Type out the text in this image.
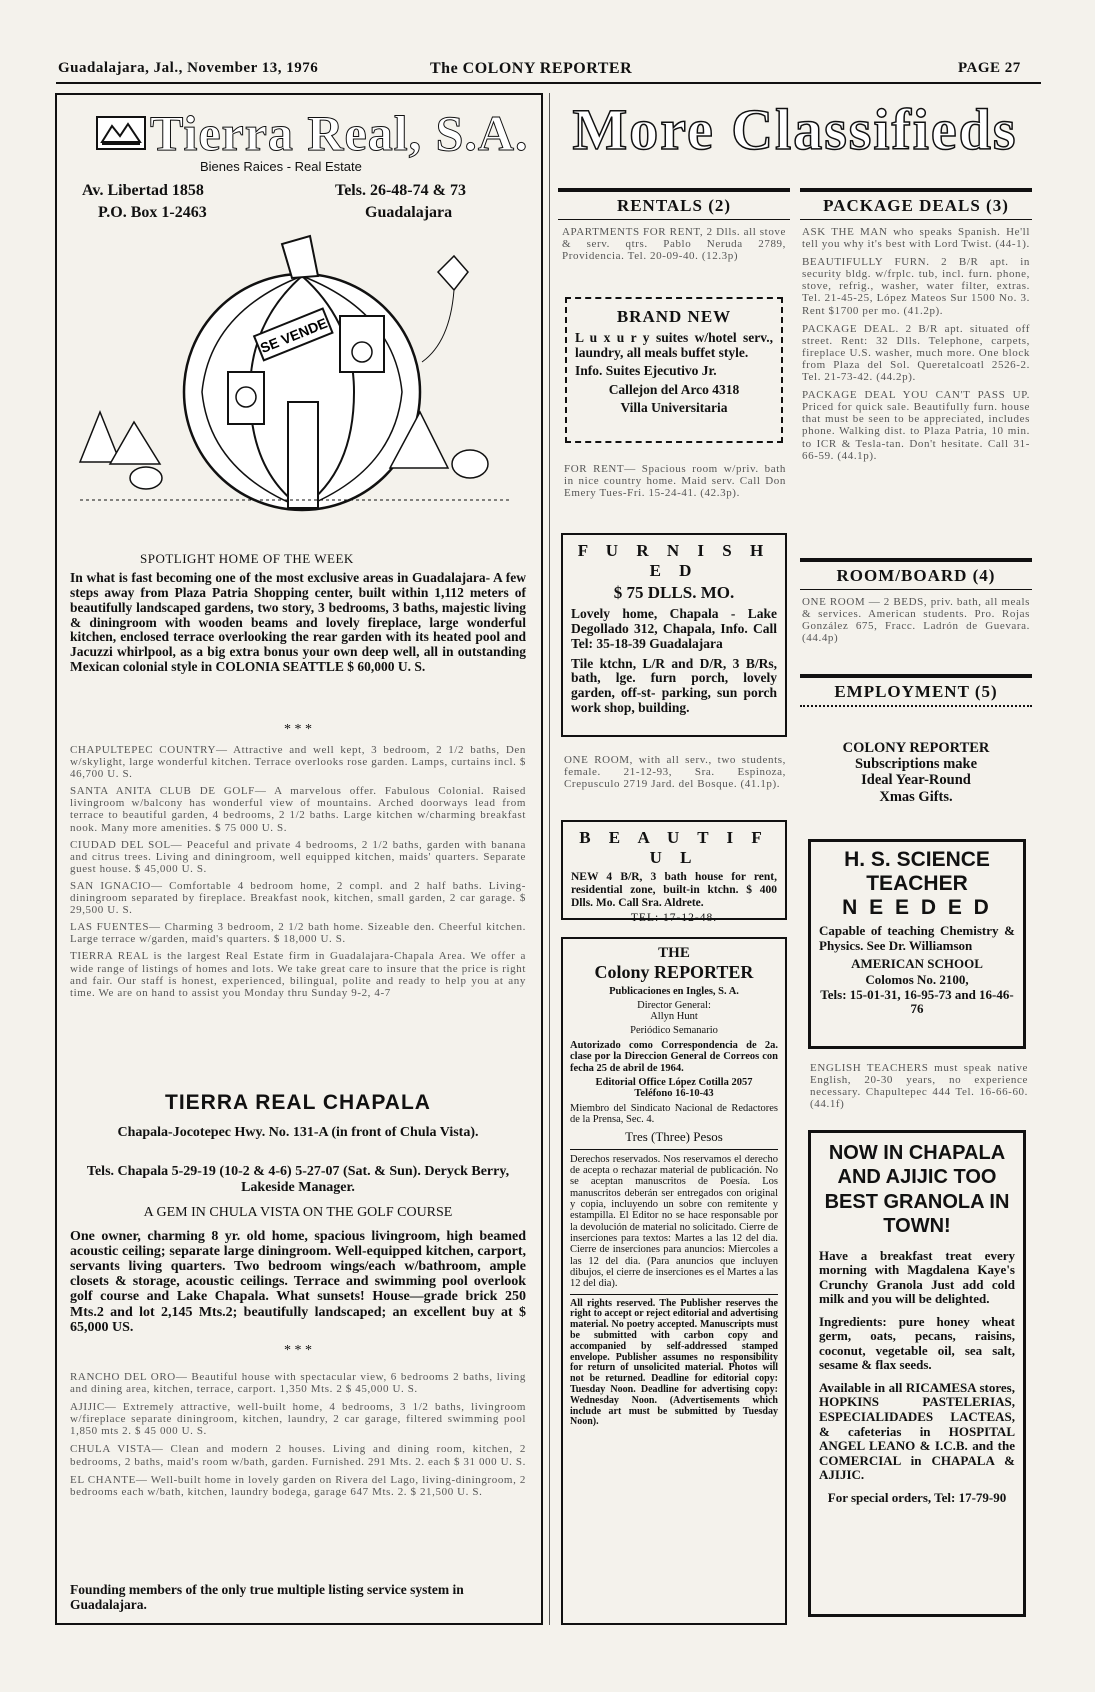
Guadalajara, Jal., November 13, 1976	The COLONY REPORTER	PAGE 27
Tierra Real, S.A.
Bienes Raices - Real Estate
Av. Libertad 1858
P.O. Box 1-2463
Tels. 26-48-74 & 73
Guadalajara
SE VENDE
SPOTLIGHT HOME OF THE WEEK
In what is fast becoming one of the most exclusive areas in Guadalajara- A few steps away from Plaza Patria Shopping center, built within 1,112 meters of beautifully landscaped gardens, two story, 3 bedrooms, 3 baths, majestic living & diningroom with wooden beams and lovely fireplace, large wonderful kitchen, enclosed terrace overlooking the rear garden with its heated pool and Jacuzzi whirlpool, as a big extra bonus your own deep well, all in outstanding Mexican colonial style in COLONIA SEATTLE $ 60,000 U. S.
* * *

CHAPULTEPEC COUNTRY— Attractive and well kept, 3 bedroom, 2 1/2 baths, Den w/skylight, large wonderful kitchen. Terrace overlooks rose garden. Lamps, curtains incl. $ 46,700 U. S.

SANTA ANITA CLUB DE GOLF— A marvelous offer. Fabulous Colonial. Raised livingroom w/balcony has wonderful view of mountains. Arched doorways lead from terrace to beautiful garden, 4 bedrooms, 2 1/2 baths. Large kitchen w/charming breakfast nook. Many more amenities. $ 75 000 U. S.

CIUDAD DEL SOL— Peaceful and private 4 bedrooms, 2 1/2 baths, garden with banana and citrus trees. Living and diningroom, well equipped kitchen, maids' quarters. Separate guest house. $ 45,000 U. S.

SAN IGNACIO— Comfortable 4 bedroom home, 2 compl. and 2 half baths. Living-diningroom separated by fireplace. Breakfast nook, kitchen, small garden, 2 car garage. $ 29,500 U. S.

LAS FUENTES— Charming 3 bedroom, 2 1/2 bath home. Sizeable den. Cheerful kitchen. Large terrace w/garden, maid's quarters. $ 18,000 U. S.

TIERRA REAL is the largest Real Estate firm in Guadalajara-Chapala Area. We offer a wide range of listings of homes and lots. We take great care to insure that the price is right and fair. Our staff is honest, experienced, bilingual, polite and ready to help you at any time. We are on hand to assist you Monday thru Sunday 9-2, 4-7

TIERRA REAL CHAPALA
Chapala-Jocotepec Hwy. No. 131-A (in front of Chula Vista).
Tels. Chapala 5-29-19 (10-2 & 4-6) 5-27-07 (Sat. & Sun). Deryck Berry, Lakeside Manager.
A GEM IN CHULA VISTA ON THE GOLF COURSE
One owner, charming 8 yr. old home, spacious livingroom, high beamed acoustic ceiling; separate large diningroom. Well-equipped kitchen, carport, servants living quarters. Two bedroom wings/each w/bathroom, ample closets & storage, acoustic ceilings. Terrace and swimming pool overlook golf course and Lake Chapala. What sunsets! House—grade brick 250 Mts.2 and lot 2,145 Mts.2; beautifully landscaped; an excellent buy at $ 65,000 US.
* * *

RANCHO DEL ORO— Beautiful house with spectacular view, 6 bedrooms 2 baths, living and dining area, kitchen, terrace, carport. 1,350 Mts. 2 $ 45,000 U. S.

AJIJIC— Extremely attractive, well-built home, 4 bedrooms, 3 1/2 baths, livingroom w/fireplace separate diningroom, kitchen, laundry, 2 car garage, filtered swimming pool 1,850 mts 2. $ 45 000 U. S.

CHULA VISTA— Clean and modern 2 houses. Living and dining room, kitchen, 2 bedrooms, 2 baths, maid's room w/bath, garden. Furnished. 291 Mts. 2. each $ 31 000 U. S.

EL CHANTE— Well-built home in lovely garden on Rivera del Lago, living-diningroom, 2 bedrooms each w/bath, kitchen, laundry bodega, garage 647 Mts. 2. $ 21,500 U. S.

Founding members of the only true multiple listing service system in Guadalajara.
More Classifieds
RENTALS (2)

APARTMENTS FOR RENT, 2 Dlls. all stove & serv. qtrs. Pablo Neruda 2789, Providencia. Tel. 20-09-40. (12.3p)

BRAND NEW

L u x u r y suites w/hotel serv., laundry, all meals buffet style.

Info. Suites Ejecutivo Jr.

Callejon del Arco 4318

Villa Universitaria

FOR RENT— Spacious room w/priv. bath in nice country home. Maid serv. Call Don Emery Tues-Fri. 15-24-41. (42.3p).

F U R N I S H E D
$ 75 DLLS. MO.

Lovely home, Chapala - Lake Degollado 312, Chapala, Info. Call Tel: 35-18-39 Guadalajara

Tile ktchn, L/R and D/R, 3 B/Rs, bath, lge. furn porch, lovely garden, off-st- parking, sun porch work shop, building.

ONE ROOM, with all serv., two students, female. 21-12-93, Sra. Espinoza, Crepusculo 2719 Jard. del Bosque. (41.1p).

B E A U T I F U L

NEW 4 B/R, 3 bath house for rent, residential zone, built-in ktchn. $ 400 Dlls. Mo. Call Sra. Aldrete.

TEL: 17-12-48.

THE
Colony REPORTER

Publicaciones en Ingles, S. A.

Director General:

Allyn Hunt

Periódico Semanario

Autorizado como Correspondencia de 2a. clase por la Direccion General de Correos con fecha 25 de abril de 1964.

Editorial Office López Cotilla 2057

Teléfono 16-10-43

Miembro del Sindicato Nacional de Redactores de la Prensa, Sec. 4.

Tres (Three) Pesos

Derechos reservados. Nos reservamos el derecho de acepta o rechazar material de publicación. No se aceptan manuscritos de Poesía. Los manuscritos deberán ser entregados con original y copia, incluyendo un sobre con remitente y estampilla. El Editor no se hace responsable por la devolución de material no solicitado. Cierre de inserciones para textos: Martes a las 12 del dia. Cierre de inserciones para anuncios: Miercoles a las 12 del dia. (Para anuncios que incluyen dibujos, el cierre de inserciones es el Martes a las 12 del dia).

All rights reserved. The Publisher reserves the right to accept or reject editorial and advertising material. No poetry accepted. Manuscripts must be submitted with carbon copy and accompanied by self-addressed stamped envelope. Publisher assumes no responsibility for return of unsolicited material. Photos will not be returned. Deadline for editorial copy: Tuesday Noon. Deadline for advertising copy: Wednesday Noon. (Advertisements which include art must be submitted by Tuesday Noon).

PACKAGE DEALS (3)

ASK THE MAN who speaks Spanish. He'll tell you why it's best with Lord Twist. (44-1).

BEAUTIFULLY FURN. 2 B/R apt. in security bldg. w/frplc. tub, incl. furn. phone, stove, refrig., washer, water filter, extras. Tel. 21-45-25, López Mateos Sur 1500 No. 3. Rent $1700 per mo. (41.2p).

PACKAGE DEAL. 2 B/R apt. situated off street. Rent: 32 Dlls. Telephone, carpets, fireplace U.S. washer, much more. One block from Plaza del Sol. Queretalcoatl 2526-2. Tel. 21-73-42. (44.2p).

PACKAGE DEAL YOU CAN'T PASS UP. Priced for quick sale. Beautifully furn. house that must be seen to be appreciated, includes phone. Walking dist. to Plaza Patria, 10 min. to ICR & Tesla-tan. Don't hesitate. Call 31-66-59. (44.1p).

ROOM/BOARD (4)

ONE ROOM — 2 BEDS, priv. bath, all meals & services. American students. Pro. Rojas González 675, Fracc. Ladrón de Guevara. (44.4p)

EMPLOYMENT (5)

COLONY REPORTER

Subscriptions make

Ideal Year-Round

Xmas Gifts.

H. S. SCIENCE
TEACHER
N E E D E D

Capable of teaching Chemistry & Physics. See Dr. Williamson

AMERICAN SCHOOL

Colomos No. 2100,

Tels: 15-01-31, 16-95-73 and 16-46-76

ENGLISH TEACHERS must speak native English, 20-30 years, no experience necessary. Chapultepec 444 Tel. 16-66-60. (44.1f)

NOW IN CHAPALA AND AJIJIC TOO BEST GRANOLA IN TOWN!

Have a breakfast treat every morning with Magdalena Kaye's Crunchy Granola Just add cold milk and you will be delighted.

Ingredients: pure honey wheat germ, oats, pecans, raisins, coconut, vegetable oil, sea salt, sesame & flax seeds.

Available in all RICAMESA stores, HOPKINS PASTELERIAS, ESPECIALIDADES LACTEAS, & cafeterias in HOSPITAL ANGEL LEANO & I.C.B. and the COMERCIAL in CHAPALA & AJIJIC.

For special orders, Tel: 17-79-90
